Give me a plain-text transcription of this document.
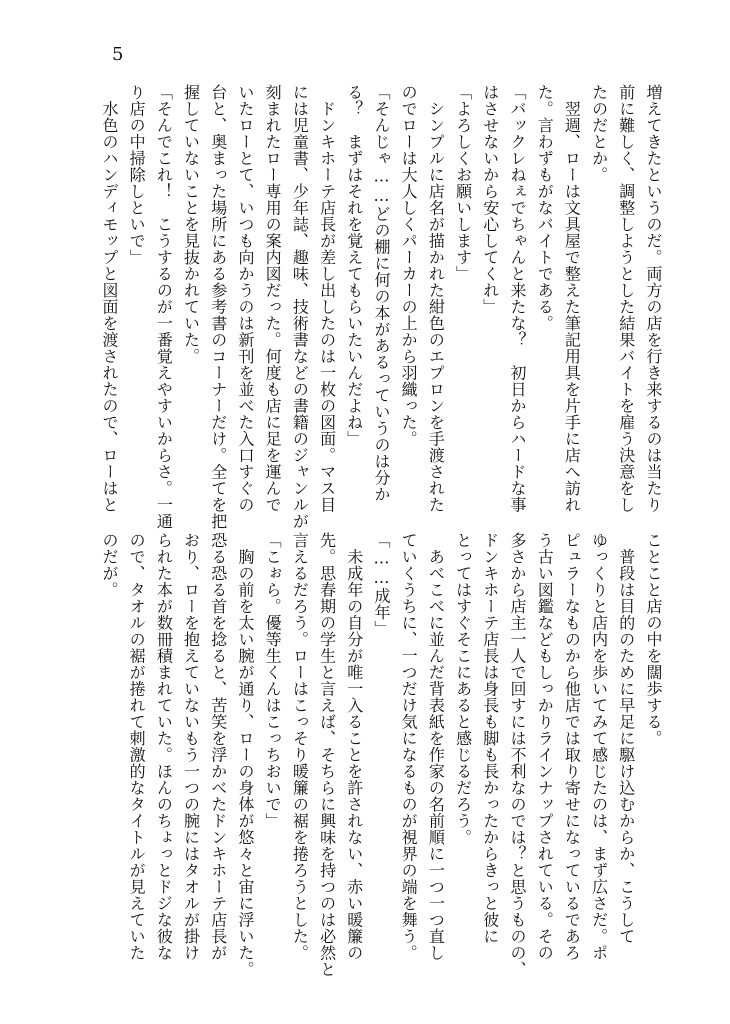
5
増えてきたというのだ。両方の店を行き来するのは当たり
前に難しく、調整しようとした結果バイトを雇う決意をし
たのだとか。
　翌週、ローは文具屋で整えた筆記用具を片手に店へ訪れ
た。言わずもがなバイトである。
「バックレねぇでちゃんと来たな？　初日からハードな事
はさせないから安心してくれ」
「よろしくお願いします」
　シンプルに店名が描かれた紺色のエプロンを手渡された
のでローは大人しくパーカーの上から羽織った。
「そんじゃ……どの棚に何の本があるっていうのは分か
る？　まずはそれを覚えてもらいたいんだよね」
　ドンキホーテ店長が差し出したのは一枚の図面。マス目
には児童書、少年誌、趣味、技術書などの書籍のジャンルが
刻まれたロー専用の案内図だった。何度も店に足を運んで
いたローとて、いつも向かうのは新刊を並べた入口すぐの
台と、奥まった場所にある参考書のコーナーだけ。全てを把
握していないことを見抜かれていた。
「そんでこれ！　こうするのが一番覚えやすいからさ。一通
り店の中掃除しといで」
　水色のハンディモップと図面を渡されたので、ローはと
ことこと店の中を闊歩する。
　普段は目的のために早足に駆け込むからか、こうして
ゆっくりと店内を歩いてみて感じたのは、まず広さだ。ポ
ピュラーなものから他店では取り寄せになっているであろ
う古い図鑑などもしっかりラインナップされている。その
多さから店主一人で回すには不利なのでは？と思うものの、
ドンキホーテ店長は身長も脚も長かったからきっと彼に
とってはすぐそこにあると感じるだろう。
　あべこべに並んだ背表紙を作家の名前順に一つ一つ直し
ていくうちに、一つだけ気になるものが視界の端を舞う。
「……成年」
　未成年の自分が唯一入ることを許されない、赤い暖簾の
先。思春期の学生と言えば、そちらに興味を持つのは必然と
言えるだろう。ローはこっそり暖簾の裾を捲ろうとした。
「こぉら。優等生くんはこっちおいで」
　胸の前を太い腕が通り、ローの身体が悠々と宙に浮いた。
恐る恐る首を捻ると、苦笑を浮かべたドンキホーテ店長が
おり、ローを抱えていないもう一つの腕にはタオルが掛け
られた本が数冊積まれていた。ほんのちょっとドジな彼な
ので、タオルの裾が捲れて刺激的なタイトルが見えていた
のだが。
